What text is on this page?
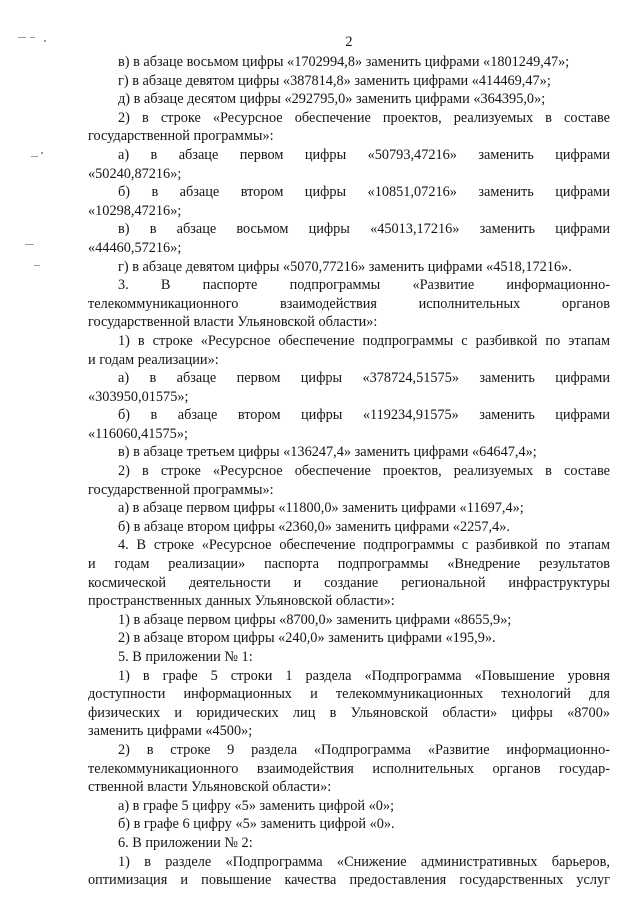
2
в) в абзаце восьмом цифры «1702994,8» заменить цифрами «1801249,47»;
г) в абзаце девятом цифры «387814,8» заменить цифрами «414469,47»;
д) в абзаце десятом цифры «292795,0» заменить цифрами «364395,0»;
2) в строке «Ресурсное обеспечение проектов, реализуемых в составе
государственной программы»:
а) в абзаце первом цифры «50793,47216» заменить цифрами
«50240,87216»;
б) в абзаце втором цифры «10851,07216» заменить цифрами
«10298,47216»;
в) в абзаце восьмом цифры «45013,17216» заменить цифрами
«44460,57216»;
г) в абзаце девятом цифры «5070,77216» заменить цифрами «4518,17216».
3. В паспорте подпрограммы «Развитие информационно-
телекоммуникационного взаимодействия исполнительных органов
государственной власти Ульяновской области»:
1) в строке «Ресурсное обеспечение подпрограммы с разбивкой по этапам
и годам реализации»:
а) в абзаце первом цифры «378724,51575» заменить цифрами
«303950,01575»;
б) в абзаце втором цифры «119234,91575» заменить цифрами
«116060,41575»;
в) в абзаце третьем цифры «136247,4» заменить цифрами «64647,4»;
2) в строке «Ресурсное обеспечение проектов, реализуемых в составе
государственной программы»:
а) в абзаце первом цифры «11800,0» заменить цифрами «11697,4»;
б) в абзаце втором цифры «2360,0» заменить цифрами «2257,4».
4. В строке «Ресурсное обеспечение подпрограммы с разбивкой по этапам
и годам реализации» паспорта подпрограммы «Внедрение результатов
космической деятельности и создание региональной инфраструктуры
пространственных данных Ульяновской области»:
1) в абзаце первом цифры «8700,0» заменить цифрами «8655,9»;
2) в абзаце втором цифры «240,0» заменить цифрами «195,9».
5. В приложении № 1:
1) в графе 5 строки 1 раздела «Подпрограмма «Повышение уровня
доступности информационных и телекоммуникационных технологий для
физических и юридических лиц в Ульяновской области» цифры «8700»
заменить цифрами «4500»;
2) в строке 9 раздела «Подпрограмма «Развитие информационно-
телекоммуникационного взаимодействия исполнительных органов государ-
ственной власти Ульяновской области»:
а) в графе 5 цифру «5» заменить цифрой «0»;
б) в графе 6 цифру «5» заменить цифрой «0».
6. В приложении № 2:
1) в разделе «Подпрограмма «Снижение административных барьеров,
оптимизация и повышение качества предоставления государственных услуг
